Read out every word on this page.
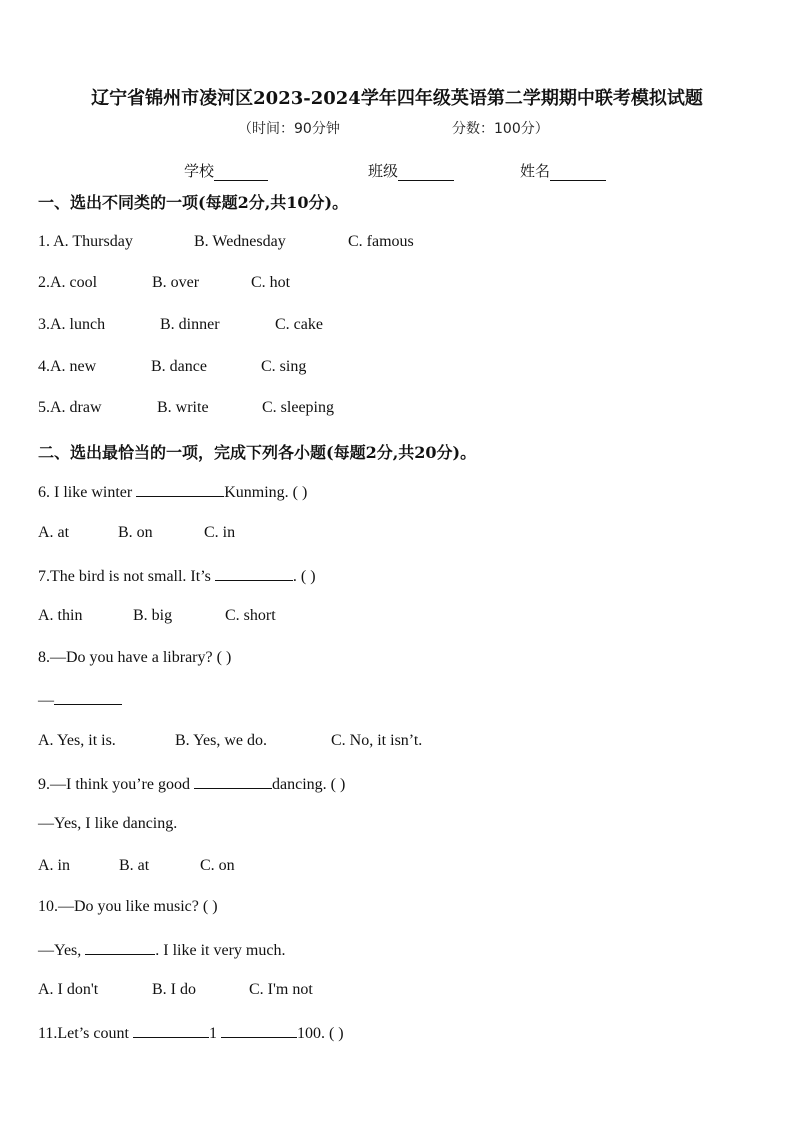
辽宁省锦州市凌河区2023-2024学年四年级英语第二学期期中联考模拟试题
（时间：90分钟	分数：100分）
学校	班级	姓名
一、选出不同类的一项(每题2分,共10分)。
1. A. Thursday	B. Wednesday	C. famous
2.A. cool	B. over	C. hot
3.A. lunch	B. dinner	C. cake
4.A. new	B. dance	C. sing
5.A. draw	B. write	C. sleeping
二、选出最恰当的一项，完成下列各小题(每题2分,共20分)。
6. I like winter	Kunming. ( )
A. at	B. on	C. in
7.The bird is not small. It’s	. ( )
A. thin	B. big	C. short
8.—Do you have a library? ( )
—
A. Yes, it is.	B. Yes, we do.	C. No, it isn’t.
9.—I think you’re good	dancing. ( )
—Yes, I like dancing.
A. in	B. at	C. on
10.—Do you like music? ( )
—Yes,	. I like it very much.
A. I don't	B. I do	C. I'm not
11.Let’s count	1	100. ( )
